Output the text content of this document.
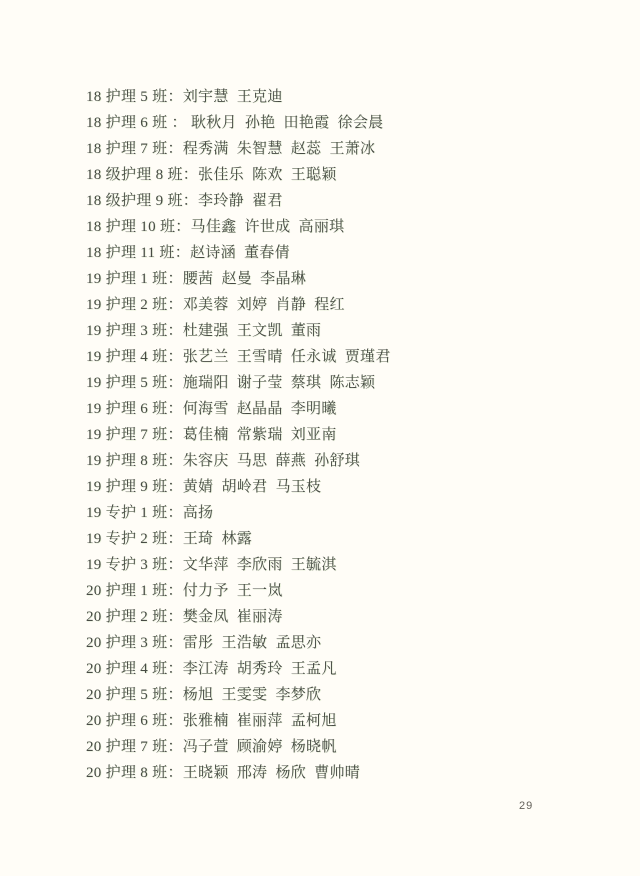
18 护理 5 班：刘宇慧  王克迪
18 护理 6 班 ： 耿秋月  孙艳  田艳霞  徐会晨
18 护理 7 班：程秀满  朱智慧  赵蕊  王萧冰
18 级护理 8 班：张佳乐  陈欢  王聪颖
18 级护理 9 班：李玲静  翟君
18 护理 10 班：马佳鑫  许世成  高丽琪
18 护理 11 班：赵诗涵  董春倩
19 护理 1 班：腰茜  赵曼  李晶琳
19 护理 2 班：邓美蓉  刘婷  肖静  程红
19 护理 3 班：杜建强  王文凯  董雨
19 护理 4 班：张艺兰  王雪晴  任永诚  贾瑾君
19 护理 5 班：施瑞阳  谢子莹  蔡琪  陈志颖
19 护理 6 班：何海雪  赵晶晶  李明曦
19 护理 7 班：葛佳楠  常紫瑞  刘亚南
19 护理 8 班：朱容庆  马思  薛燕  孙舒琪
19 护理 9 班：黄婧  胡岭君  马玉枝
19 专护 1 班：高扬
19 专护 2 班：王琦  林露
19 专护 3 班：文华萍  李欣雨  王毓淇
20 护理 1 班：付力予  王一岚
20 护理 2 班：樊金凤  崔丽涛
20 护理 3 班：雷彤  王浩敏  孟思亦
20 护理 4 班：李江涛  胡秀玲  王孟凡
20 护理 5 班：杨旭  王雯雯  李梦欣
20 护理 6 班：张雅楠  崔丽萍  孟柯旭
20 护理 7 班：冯子萱  顾渝婷  杨晓帆
20 护理 8 班：王晓颖  邢涛  杨欣  曹帅晴
29
